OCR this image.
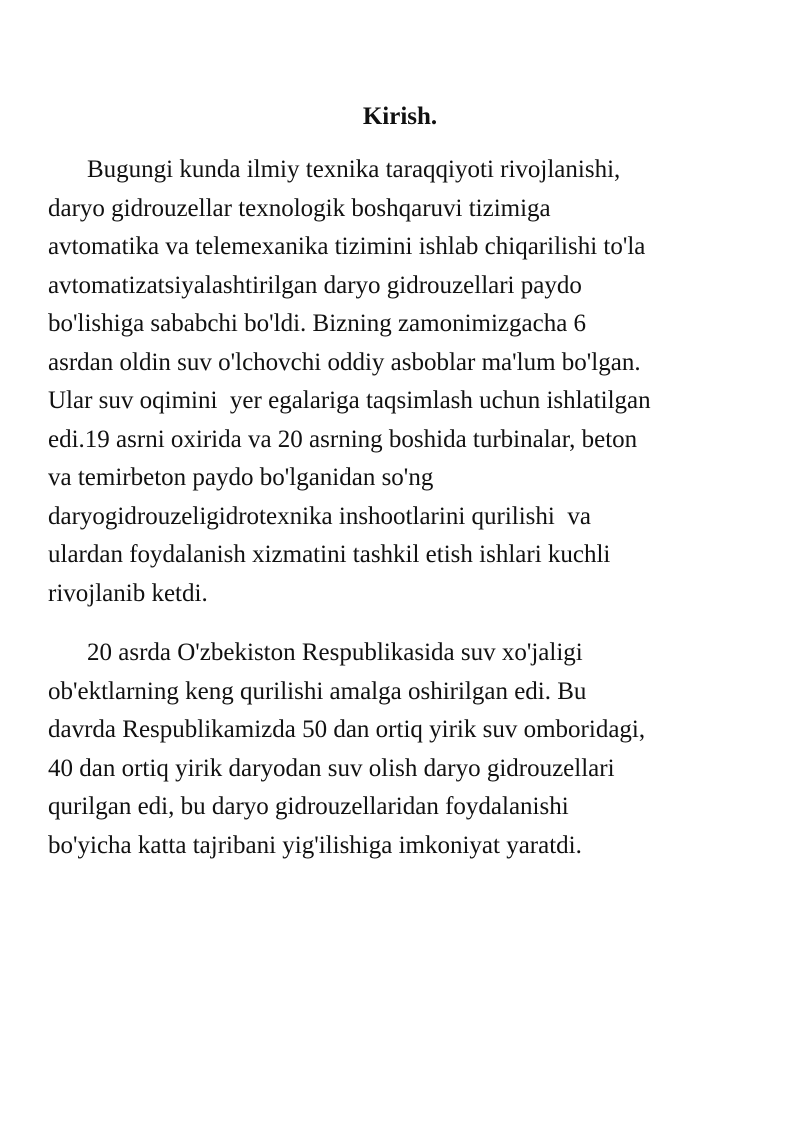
Kirish.
Bugungi kunda ilmiy texnika taraqqiyoti rivojlanishi,
daryo gidrouzellar texnologik boshqaruvi tizimiga
avtomatika va telemexanika tizimini ishlab chiqarilishi to'la
avtomatizatsiyalashtirilgan daryo gidrouzellari paydo
bo'lishiga sababchi bo'ldi. Bizning zamonimizgacha 6
asrdan oldin suv o'lchovchi oddiy asboblar ma'lum bo'lgan.
Ular suv oqimini  yer egalariga taqsimlash uchun ishlatilgan
edi.19 asrni oxirida va 20 asrning boshida turbinalar, beton
va temirbeton paydo bo'lganidan so'ng
daryogidrouzeligidrotexnika inshootlarini qurilishi  va
ulardan foydalanish xizmatini tashkil etish ishlari kuchli
rivojlanib ketdi.
20 asrda O'zbekiston Respublikasida suv xo'jaligi
ob'ektlarning keng qurilishi amalga oshirilgan edi. Bu
davrda Respublikamizda 50 dan ortiq yirik suv omboridagi,
40 dan ortiq yirik daryodan suv olish daryo gidrouzellari
qurilgan edi, bu daryo gidrouzellaridan foydalanishi
bo'yicha katta tajribani yig'ilishiga imkoniyat yaratdi.
